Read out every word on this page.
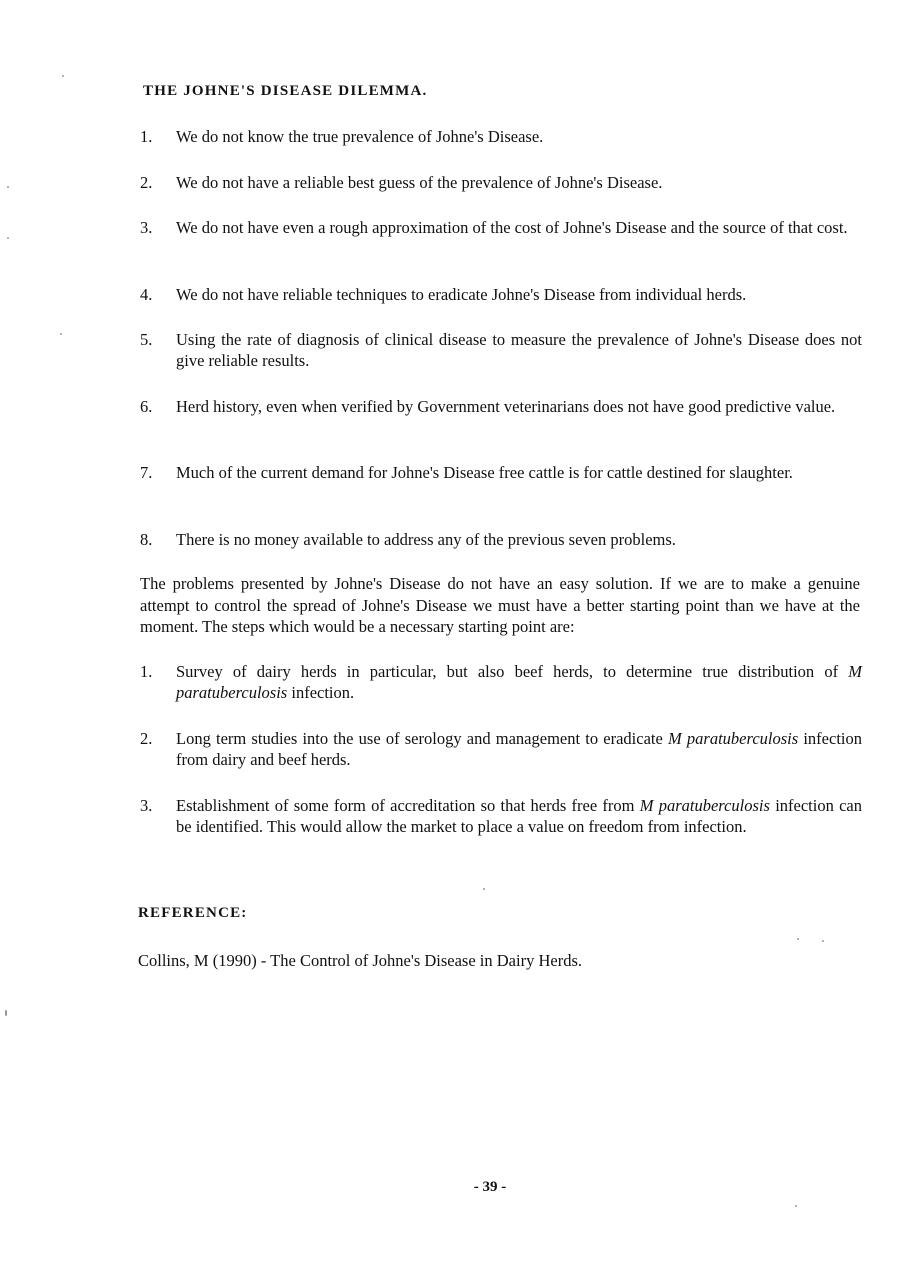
THE JOHNE'S DISEASE DILEMMA.
1.	We do not know the true prevalence of Johne's Disease.
2.	We do not have a reliable best guess of the prevalence of Johne's Disease.
3.	We do not have even a rough approximation of the cost of Johne's Disease and the source of that cost.
4.	We do not have reliable techniques to eradicate Johne's Disease from individual herds.
5.	Using the rate of diagnosis of clinical disease to measure the prevalence of Johne's Disease does not give reliable results.
6.	Herd history, even when verified by Government veterinarians does not have good predictive value.
7.	Much of the current demand for Johne's Disease free cattle is for cattle destined for slaughter.
8.	There is no money available to address any of the previous seven problems.
The problems presented by Johne's Disease do not have an easy solution. If we are to make a genuine attempt to control the spread of Johne's Disease we must have a better starting point than we have at the moment. The steps which would be a necessary starting point are:
1.	Survey of dairy herds in particular, but also beef herds, to determine true distribution of M paratuberculosis infection.
2.	Long term studies into the use of serology and management to eradicate M paratuberculosis infection from dairy and beef herds.
3.	Establishment of some form of accreditation so that herds free from M paratuberculosis infection can be identified. This would allow the market to place a value on freedom from infection.
REFERENCE:
Collins, M (1990) - The Control of Johne's Disease in Dairy Herds.
- 39 -
